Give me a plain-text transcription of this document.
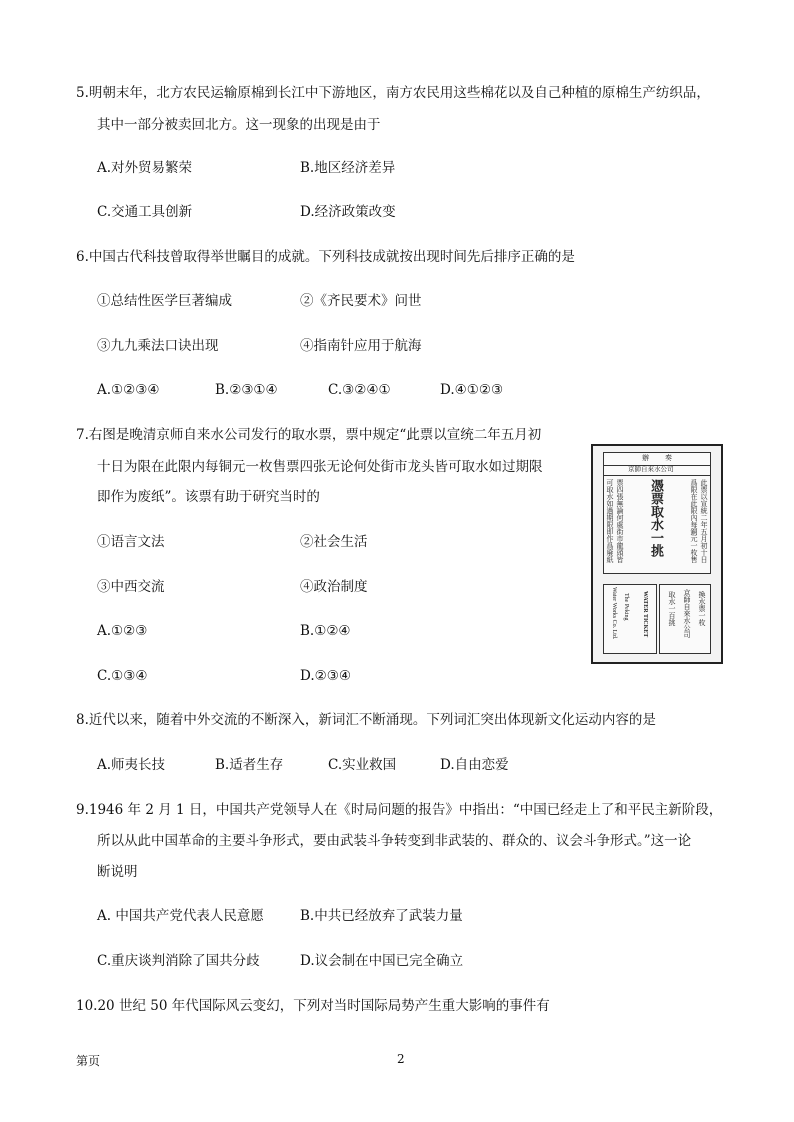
5.明朝末年，北方农民运输原棉到长江中下游地区，南方农民用这些棉花以及自己种植的原棉生产纺织品，
其中一部分被卖回北方。这一现象的出现是由于
A.对外贸易繁荣	B.地区经济差异
C.交通工具创新	D.经济政策改变
6.中国古代科技曾取得举世瞩目的成就。下列科技成就按出现时间先后排序正确的是
①总结性医学巨著编成	②《齐民要术》问世
③九九乘法口诀出现	④指南针应用于航海
A.①②③④	B.②③①④	C.③②④①	D.④①②③
7.右图是晚清京师自来水公司发行的取水票，票中规定“此票以宣统二年五月初
十日为限在此限内每铜元一枚售票四张无论何处街市龙头皆可取水如过期限
即作为废纸”。该票有助于研究当时的
①语言文法	②社会生活
③中西交流	④政治制度
A.①②③	B.①②④
C.①③④	D.②③④
奏
辦
京師自來水公司
此票以宣統二年五月初十日
爲限在此限內每銅元一枚售
憑票取水一挑
票四張無論何處街市龍頭皆
可取水如過期限即作爲廢紙
WATER TICKET
The Peking
Water Works Co. Ltd.	換水票一枚
京師自來水公司
取水一百挑
8.近代以来，随着中外交流的不断深入，新词汇不断涌现。下列词汇突出体现新文化运动内容的是
A.师夷长技	B.适者生存	C.实业救国	D.自由恋爱
9.1946 年 2 月 1 日，中国共产党领导人在《时局问题的报告》中指出：“中国已经走上了和平民主新阶段，
所以从此中国革命的主要斗争形式，要由武装斗争转变到非武装的、群众的、议会斗争形式。”这一论
断说明
A. 中国共产党代表人民意愿	B.中共已经放弃了武装力量
C.重庆谈判消除了国共分歧	D.议会制在中国已完全确立
10.20 世纪 50 年代国际风云变幻，下列对当时国际局势产生重大影响的事件有
第页	2
